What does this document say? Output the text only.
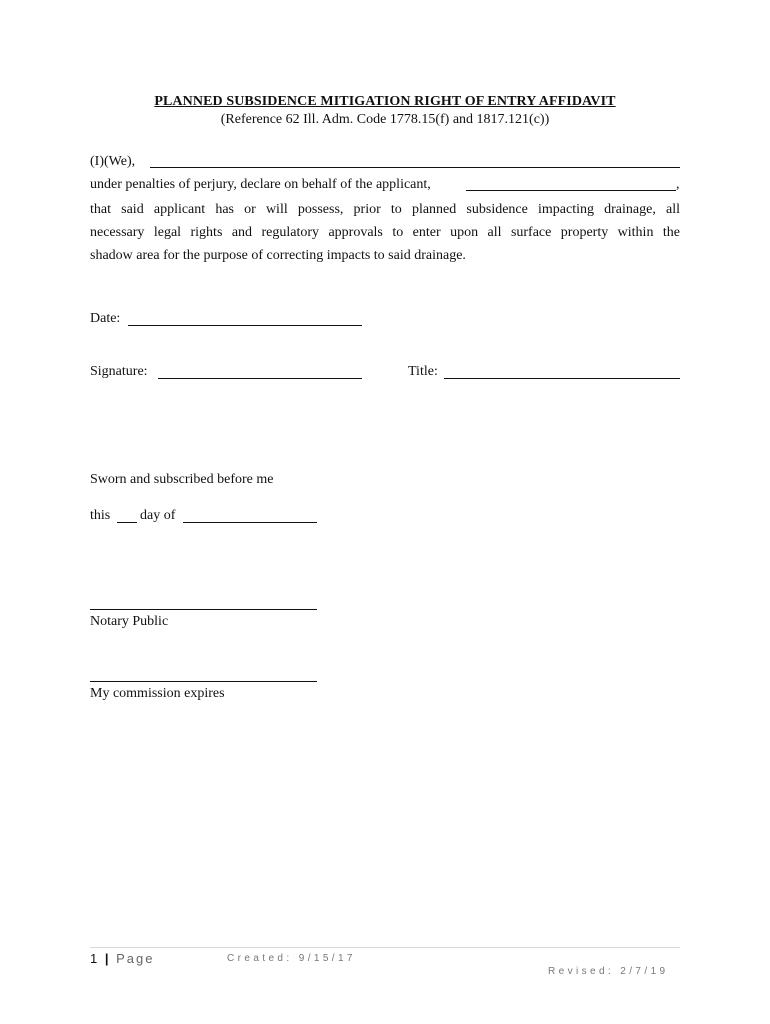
PLANNED SUBSIDENCE MITIGATION RIGHT OF ENTRY AFFIDAVIT
(Reference 62 Ill. Adm. Code 1778.15(f) and 1817.121(c))
(I)(We),
under penalties of perjury, declare on behalf of the applicant,	,
that said applicant has or will possess, prior to planned subsidence impacting drainage, all
necessary legal rights and regulatory approvals to enter upon all surface property within the
shadow area for the purpose of correcting impacts to said drainage.
Date:
Signature:	Title:
Sworn and subscribed before me
this day of
Notary Public
My commission expires
1 | Page	Created: 9/15/17
Revised: 2/7/19
